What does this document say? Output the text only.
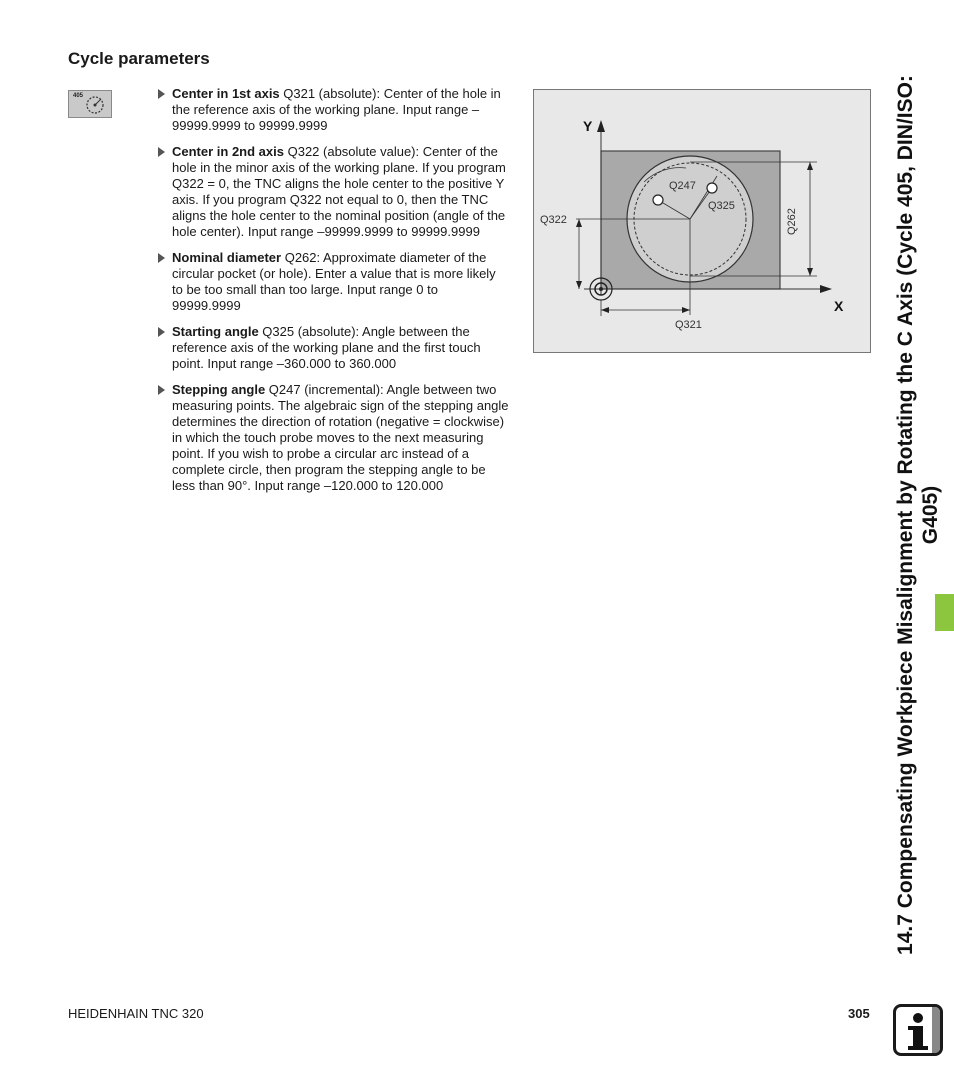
Cycle parameters
405	Center in 1st axis Q321 (absolute): Center of the hole in the reference axis of the working plane. Input range –99999.9999 to 99999.9999
Center in 2nd axis Q322 (absolute value): Center of the hole in the minor axis of the working plane. If you program Q322 = 0, the TNC aligns the hole center to the positive Y axis. If you program Q322 not equal to 0, then the TNC aligns the hole center to the nominal position (angle of the hole center). Input range –99999.9999 to 99999.9999
Nominal diameter Q262: Approximate diameter of the circular pocket (or hole). Enter a value that is more likely to be too small than too large. Input range 0 to 99999.9999
Starting angle Q325 (absolute): Angle between the reference axis of the working plane and the first touch point. Input range –360.000 to 360.000
Stepping angle Q247 (incremental): Angle between two measuring points. The algebraic sign of the stepping angle determines the direction of rotation (negative = clockwise) in which the touch probe moves to the next measuring point. If you wish to probe a circular arc instead of a complete circle, then program the stepping angle to be less than 90°. Input range –120.000 to 120.000
Y
X
Q247
Q325
Q322	Q262
Q321	14.7 Compensating Workpiece Misalignment by Rotating the C Axis (Cycle 405, DIN/ISO: G405)
HEIDENHAIN TNC 320	305
